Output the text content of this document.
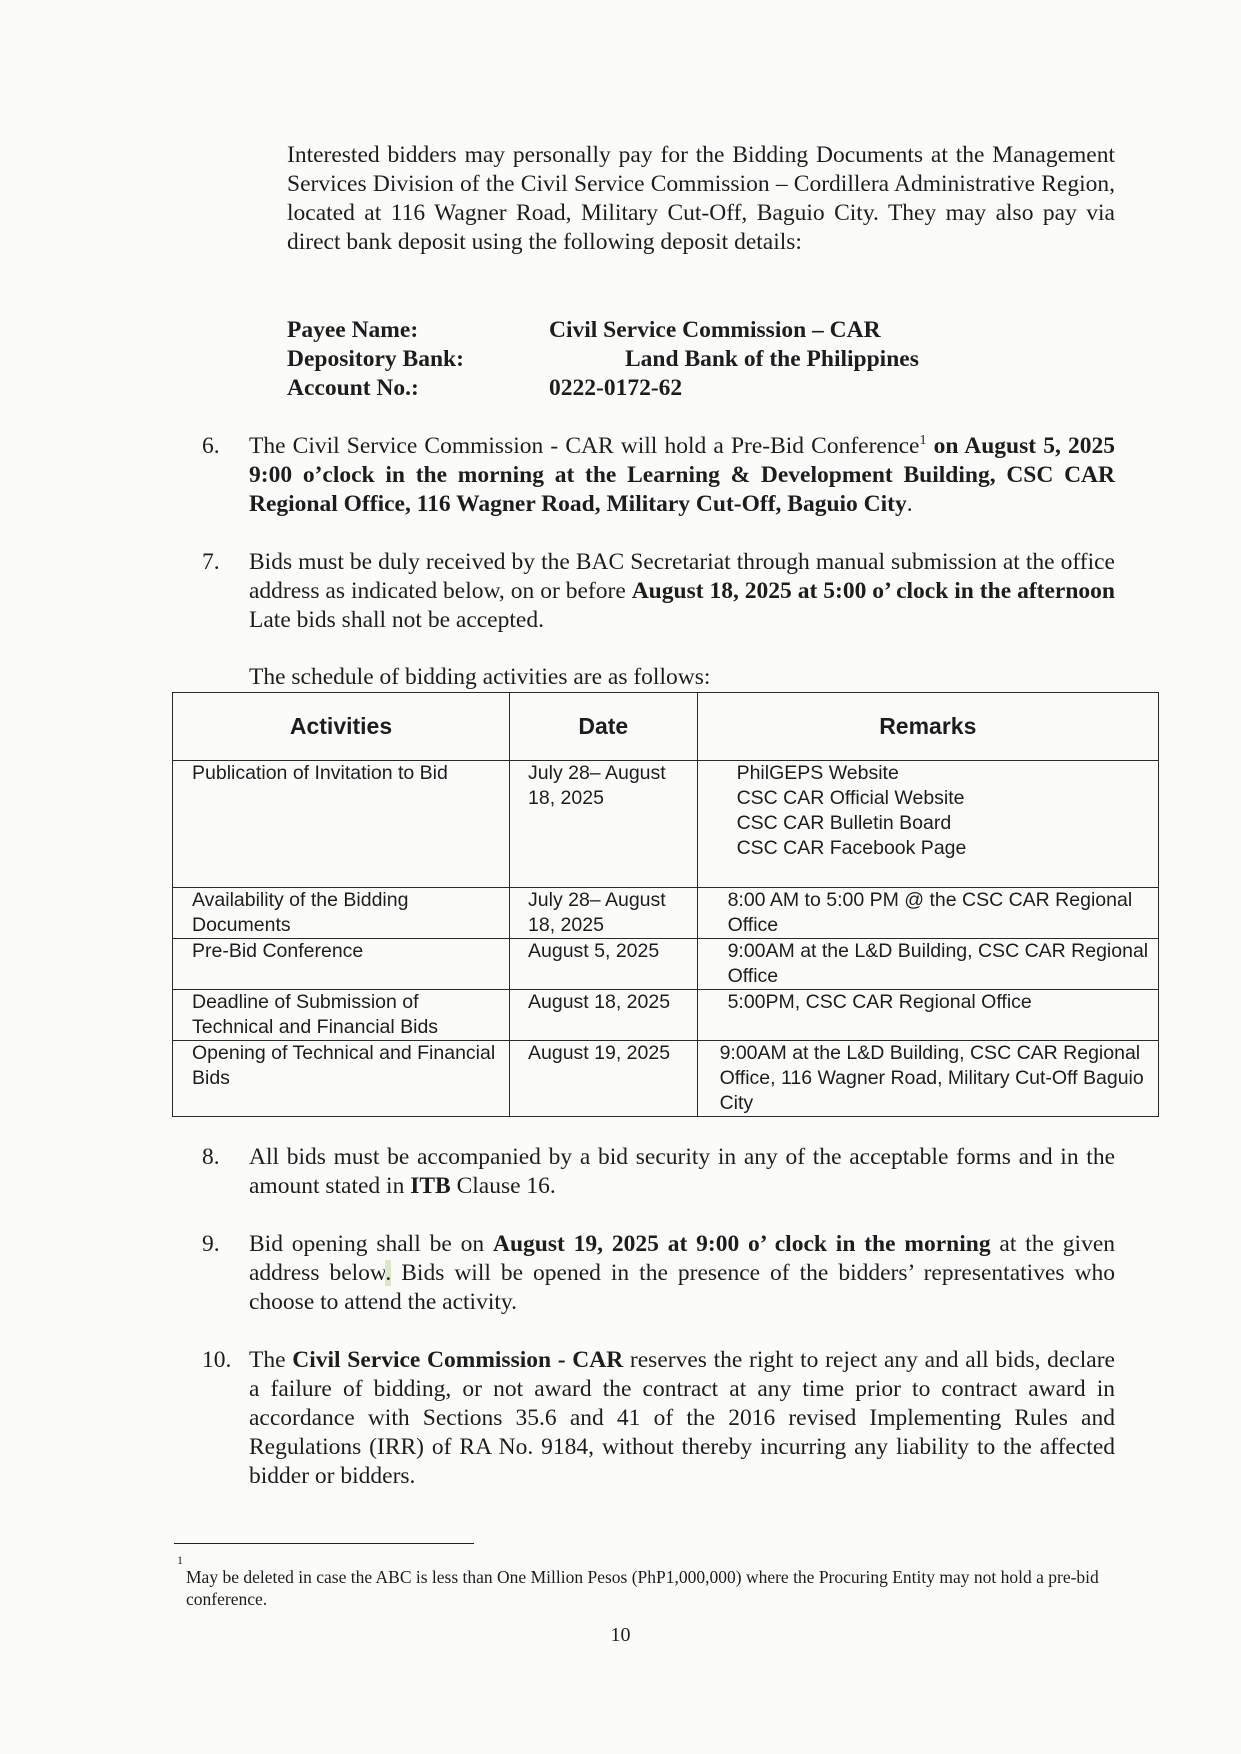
Interested bidders may personally pay for the Bidding Documents at the Management Services Division of the Civil Service Commission – Cordillera Administrative Region, located at 116 Wagner Road, Military Cut-Off, Baguio City. They may also pay via direct bank deposit using the following deposit details:

Payee Name:	Civil Service Commission – CAR
Depository Bank:	Land Bank of the Philippines
Account No.:	0222-0172-62
6. The Civil Service Commission - CAR will hold a Pre-Bid Conference$^1$ on August 5, 2025 9:00 o’clock in the morning at the Learning & Development Building, CSC CAR Regional Office, 116 Wagner Road, Military Cut-Off, Baguio City.

7. Bids must be duly received by the BAC Secretariat through manual submission at the office address as indicated below, on or before August 18, 2025 at 5:00 o’ clock in the afternoon Late bids shall not be accepted.

The schedule of bidding activities are as follows:
Activities	Date	Remarks

Publication of Invitation to Bid	July 28– August 18, 2025	PhilGEPS Website
CSC CAR Official Website
CSC CAR Bulletin Board
CSC CAR Facebook Page

Availability of the Bidding Documents	July 28– August 18, 2025	8:00 AM to 5:00 PM @ the CSC CAR Regional Office

Pre-Bid Conference	August 5, 2025	9:00AM at the L&D Building, CSC CAR Regional Office

Deadline of Submission of Technical and Financial Bids	August 18, 2025	5:00PM, CSC CAR Regional Office

Opening of Technical and Financial Bids	August 19, 2025	9:00AM at the L&D Building, CSC CAR Regional Office, 116 Wagner Road, Military Cut-Off Baguio City
8. All bids must be accompanied by a bid security in any of the acceptable forms and in the amount stated in ITB Clause 16.

9. Bid opening shall be on August 19, 2025 at 9:00 o’ clock in the morning at the given address below. Bids will be opened in the presence of the bidders’ representatives who choose to attend the activity.

10. The Civil Service Commission - CAR reserves the right to reject any and all bids, declare a failure of bidding, or not award the contract at any time prior to contract award in accordance with Sections 35.6 and 41 of the 2016 revised Implementing Rules and Regulations (IRR) of RA No. 9184, without thereby incurring any liability to the affected bidder or bidders.

1
May be deleted in case the ABC is less than One Million Pesos (PhP1,000,000) where the Procuring Entity may not hold a pre-bid conference.
10
